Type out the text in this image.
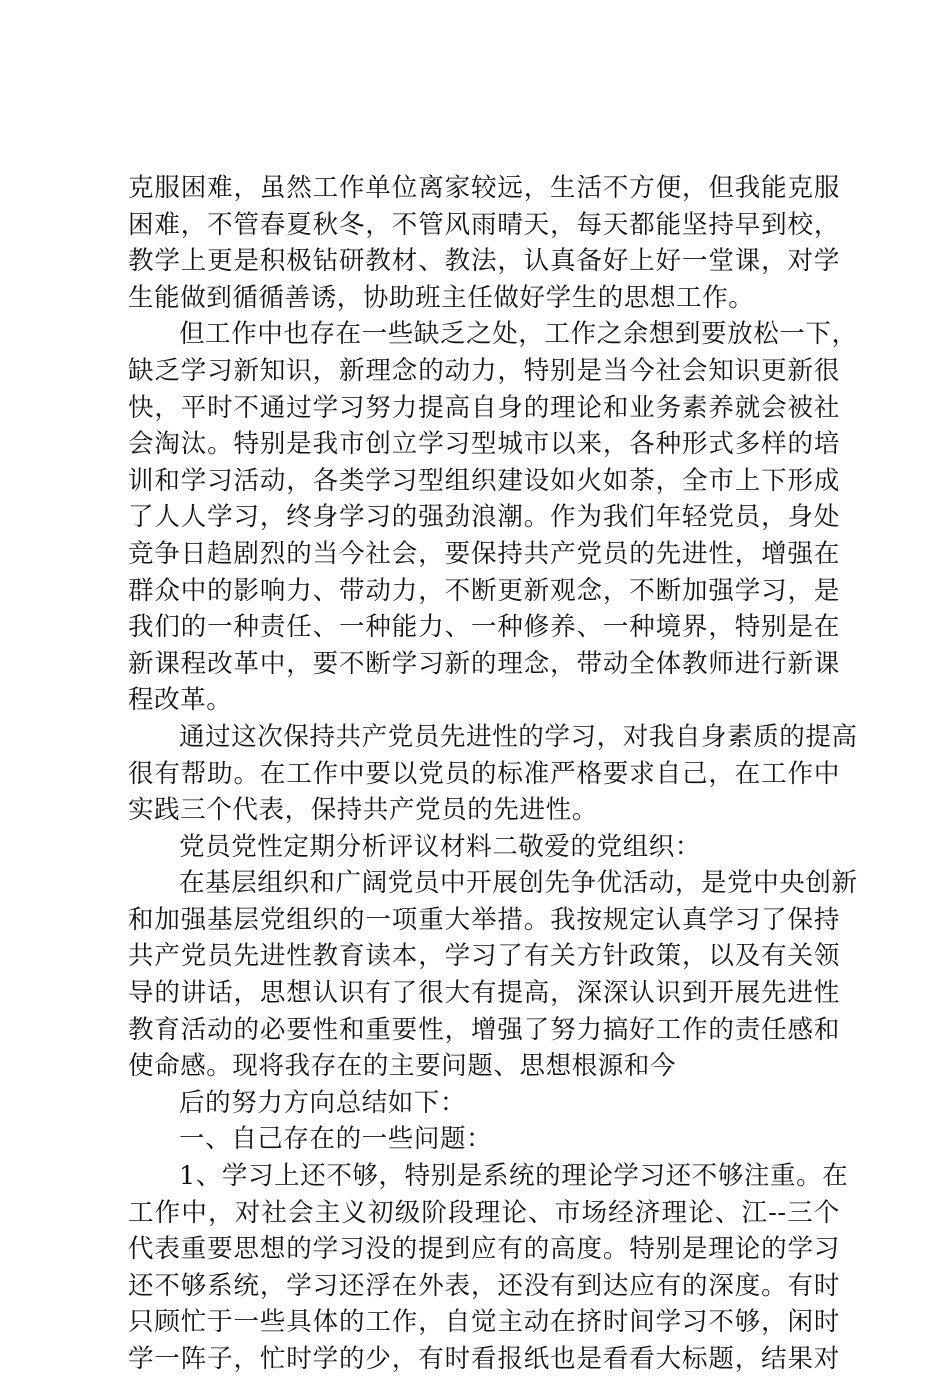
克服困难，虽然工作单位离家较远，生活不方便，但我能克服
困难，不管春夏秋冬，不管风雨晴天，每天都能坚持早到校，
教学上更是积极钻研教材、教法，认真备好上好一堂课，对学
生能做到循循善诱，协助班主任做好学生的思想工作。
但工作中也存在一些缺乏之处，工作之余想到要放松一下，
缺乏学习新知识，新理念的动力，特别是当今社会知识更新很
快，平时不通过学习努力提高自身的理论和业务素养就会被社
会淘汰。特别是我市创立学习型城市以来，各种形式多样的培
训和学习活动，各类学习型组织建设如火如荼，全市上下形成
了人人学习，终身学习的强劲浪潮。作为我们年轻党员，身处
竞争日趋剧烈的当今社会，要保持共产党员的先进性，增强在
群众中的影响力、带动力，不断更新观念，不断加强学习，是
我们的一种责任、一种能力、一种修养、一种境界，特别是在
新课程改革中，要不断学习新的理念，带动全体教师进行新课
程改革。
通过这次保持共产党员先进性的学习，对我自身素质的提高
很有帮助。在工作中要以党员的标准严格要求自己，在工作中
实践三个代表，保持共产党员的先进性。
党员党性定期分析评议材料二敬爱的党组织：
在基层组织和广阔党员中开展创先争优活动，是党中央创新
和加强基层党组织的一项重大举措。我按规定认真学习了保持
共产党员先进性教育读本，学习了有关方针政策，以及有关领
导的讲话，思想认识有了很大有提高，深深认识到开展先进性
教育活动的必要性和重要性，增强了努力搞好工作的责任感和
使命感。现将我存在的主要问题、思想根源和今
后的努力方向总结如下：
一、自己存在的一些问题：
1、学习上还不够，特别是系统的理论学习还不够注重。在
工作中，对社会主义初级阶段理论、市场经济理论、江--三个
代表重要思想的学习没的提到应有的高度。特别是理论的学习
还不够系统，学习还浮在外表，还没有到达应有的深度。有时
只顾忙于一些具体的工作，自觉主动在挤时间学习不够，闲时
学一阵子，忙时学的少，有时看报纸也是看看大标题，结果对
